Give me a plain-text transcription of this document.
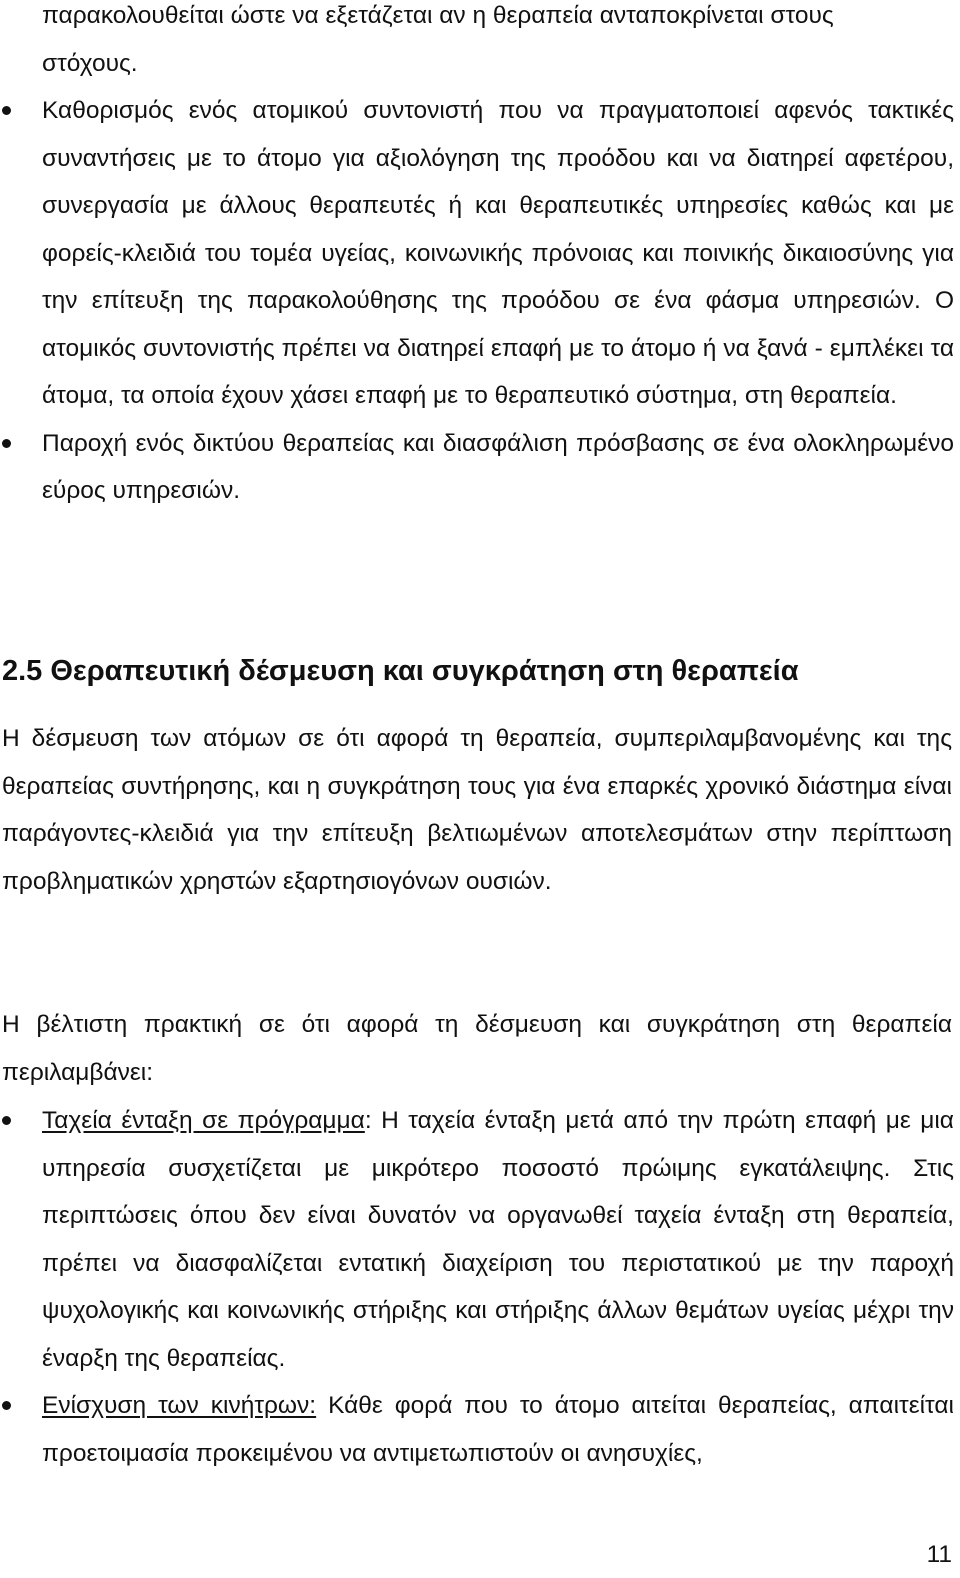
παρακολουθείται ώστε να εξετάζεται αν η θεραπεία ανταποκρίνεται στους

στόχους.

Καθορισμός ενός ατομικού συντονιστή που να πραγματοποιεί αφενός τακτικές συναντήσεις με το άτομο για αξιολόγηση της προόδου και να διατηρεί αφετέρου, συνεργασία με άλλους θεραπευτές ή και θεραπευτικές υπηρεσίες καθώς και με φορείς-κλειδιά του τομέα υγείας, κοινωνικής πρόνοιας και ποινικής δικαιοσύνης για την επίτευξη της παρακολούθησης της προόδου σε ένα φάσμα υπηρεσιών. Ο ατομικός συντονιστής πρέπει να διατηρεί επαφή με το άτομο ή να ξανά - εμπλέκει τα άτομα, τα οποία έχουν χάσει επαφή με το θεραπευτικό σύστημα, στη θεραπεία.

Παροχή ενός δικτύου θεραπείας και διασφάλιση πρόσβασης σε ένα ολοκληρωμένο εύρος υπηρεσιών.

2.5 Θεραπευτική δέσμευση και συγκράτηση στη θεραπεία

Η δέσμευση των ατόμων σε ότι αφορά τη θεραπεία, συμπεριλαμβανομένης και της θεραπείας συντήρησης, και η συγκράτηση τους για ένα επαρκές χρονικό διάστημα είναι παράγοντες-κλειδιά για την επίτευξη βελτιωμένων αποτελεσμάτων στην περίπτωση προβληματικών χρηστών εξαρτησιογόνων ουσιών.

Η βέλτιστη πρακτική σε ότι αφορά τη δέσμευση και συγκράτηση στη θεραπεία περιλαμβάνει:

Ταχεία ένταξη σε πρόγραμμα: Η ταχεία ένταξη μετά από την πρώτη επαφή με μια υπηρεσία συσχετίζεται με μικρότερο ποσοστό πρώιμης εγκατάλειψης. Στις περιπτώσεις όπου δεν είναι δυνατόν να οργανωθεί ταχεία ένταξη στη θεραπεία, πρέπει να διασφαλίζεται εντατική διαχείριση του περιστατικού με την παροχή ψυχολογικής και κοινωνικής στήριξης και στήριξης άλλων θεμάτων υγείας μέχρι την έναρξη της θεραπείας.

Ενίσχυση των κινήτρων: Κάθε φορά που το άτομο αιτείται θεραπείας, απαιτείται προετοιμασία προκειμένου να αντιμετωπιστούν οι ανησυχίες,

11
